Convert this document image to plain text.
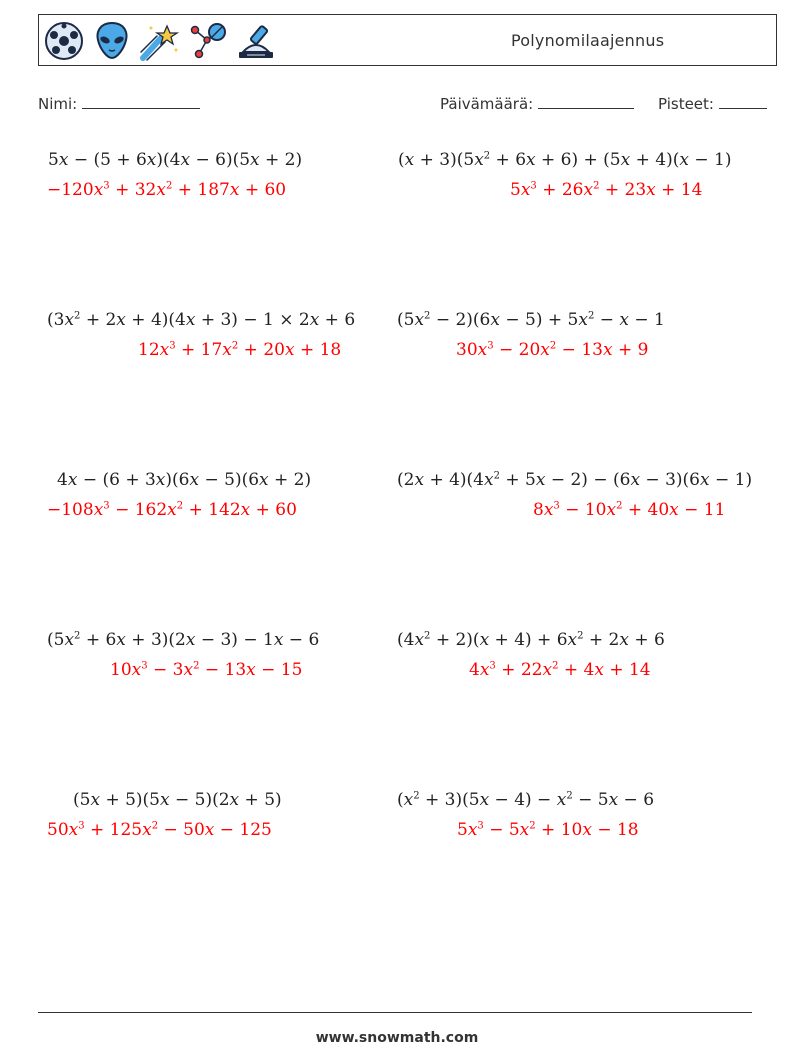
Polynomilaajennus
Nimi:	Päivämäärä:	Pisteet:
5x − (5 + 6x)(4x − 6)(5x + 2)
$-120x^3 + 32x^2 + 187x + 60$
$(x + 3)(5x^2 + 6x + 6) + (5x + 4)(x - 1)$
$5x^3 + 26x^2 + 23x + 14$
$(3x^2 + 2x + 4)(4x + 3) - 1 \times 2x + 6$
$12x^3 + 17x^2 + 20x + 18$
$(5x^2 - 2)(6x - 5) + 5x^2 - x - 1$
$30x^3 - 20x^2 - 13x + 9$
4x − (6 + 3x)(6x − 5)(6x + 2)
$-108x^3 - 162x^2 + 142x + 60$
$(2x + 4)(4x^2 + 5x - 2) - (6x - 3)(6x - 1)$
$8x^3 - 10x^2 + 40x - 11$
$(5x^2 + 6x + 3)(2x - 3) - 1x - 6$
$10x^3 - 3x^2 - 13x - 15$
$(4x^2 + 2)(x + 4) + 6x^2 + 2x + 6$
$4x^3 + 22x^2 + 4x + 14$
(5x + 5)(5x − 5)(2x + 5)
$50x^3 + 125x^2 - 50x - 125$
$(x^2 + 3)(5x - 4) - x^2 - 5x - 6$
$5x^3 - 5x^2 + 10x - 18$
www.snowmath.com
